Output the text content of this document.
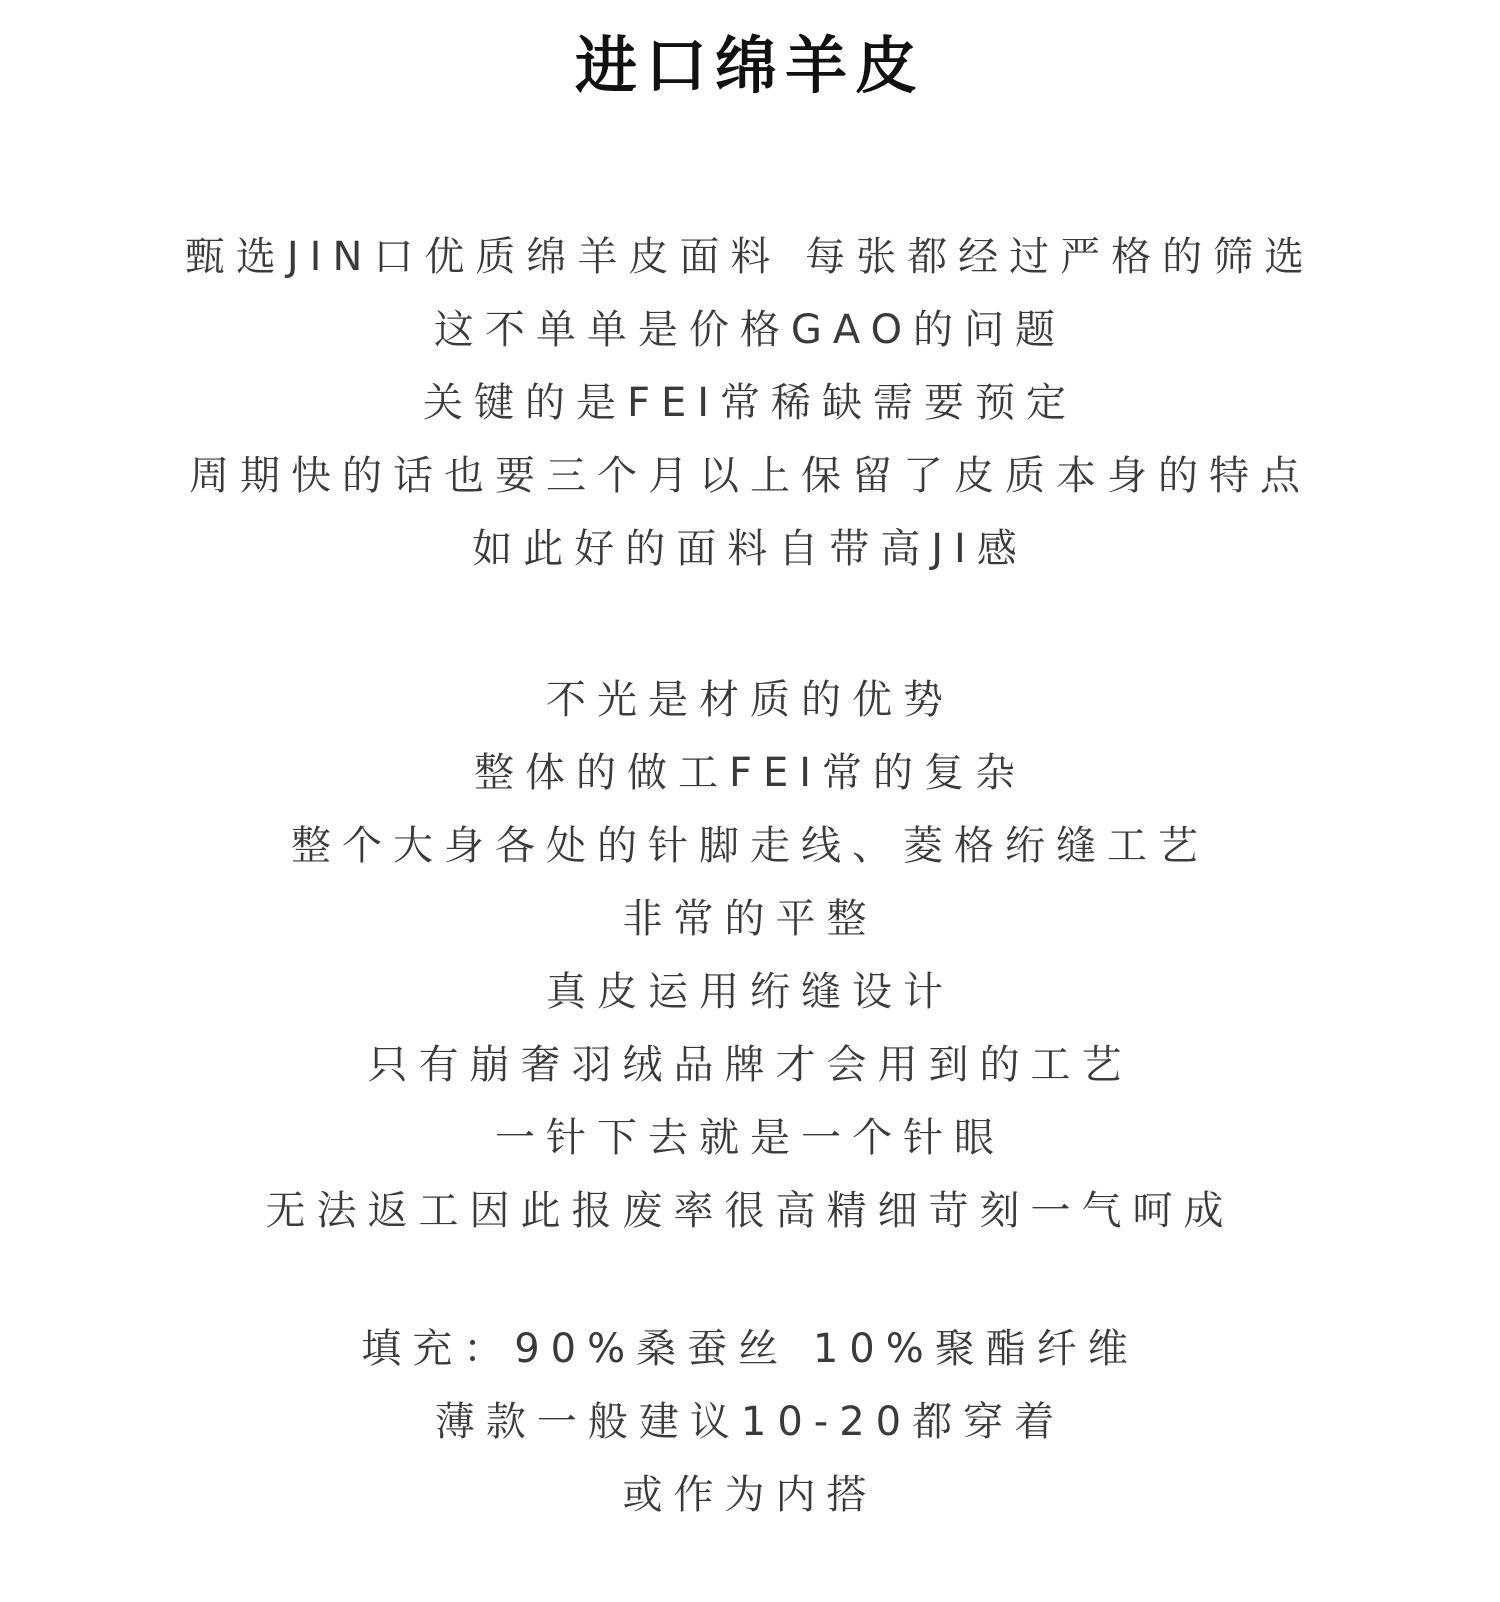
进口绵羊皮
甄选JIN口优质绵羊皮面料 每张都经过严格的筛选
这不单单是价格GAO的问题
关键的是FEI常稀缺需要预定
周期快的话也要三个月以上保留了皮质本身的特点
如此好的面料自带高JI感
不光是材质的优势
整体的做工FEI常的复杂
整个大身各处的针脚走线、菱格绗缝工艺
非常的平整
真皮运用绗缝设计
只有崩奢羽绒品牌才会用到的工艺
一针下去就是一个针眼
无法返工因此报废率很高精细苛刻一气呵成
填充：90%桑蚕丝 10%聚酯纤维
薄款一般建议10-20都穿着
或作为内搭
